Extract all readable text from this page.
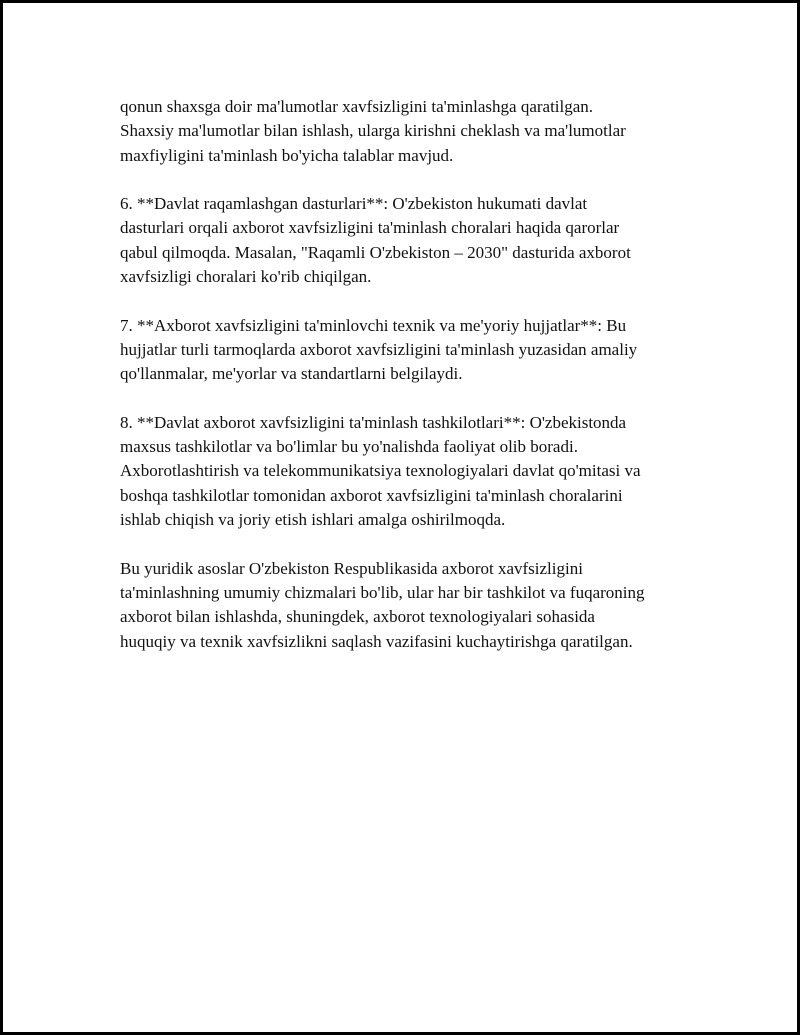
qonun shaxsga doir ma'lumotlar xavfsizligini ta'minlashga qaratilgan.
Shaxsiy ma'lumotlar bilan ishlash, ularga kirishni cheklash va ma'lumotlar
maxfiyligini ta'minlash bo'yicha talablar mavjud.

6. **Davlat raqamlashgan dasturlari**: O'zbekiston hukumati davlat
dasturlari orqali axborot xavfsizligini ta'minlash choralari haqida qarorlar
qabul qilmoqda. Masalan, "Raqamli O'zbekiston – 2030" dasturida axborot
xavfsizligi choralari ko'rib chiqilgan.

7. **Axborot xavfsizligini ta'minlovchi texnik va me'yoriy hujjatlar**: Bu
hujjatlar turli tarmoqlarda axborot xavfsizligini ta'minlash yuzasidan amaliy
qo'llanmalar, me'yorlar va standartlarni belgilaydi.

8. **Davlat axborot xavfsizligini ta'minlash tashkilotlari**: O'zbekistonda
maxsus tashkilotlar va bo'limlar bu yo'nalishda faoliyat olib boradi.
Axborotlashtirish va telekommunikatsiya texnologiyalari davlat qo'mitasi va
boshqa tashkilotlar tomonidan axborot xavfsizligini ta'minlash choralarini
ishlab chiqish va joriy etish ishlari amalga oshirilmoqda.

Bu yuridik asoslar O'zbekiston Respublikasida axborot xavfsizligini
ta'minlashning umumiy chizmalari bo'lib, ular har bir tashkilot va fuqaroning
axborot bilan ishlashda, shuningdek, axborot texnologiyalari sohasida
huquqiy va texnik xavfsizlikni saqlash vazifasini kuchaytirishga qaratilgan.
